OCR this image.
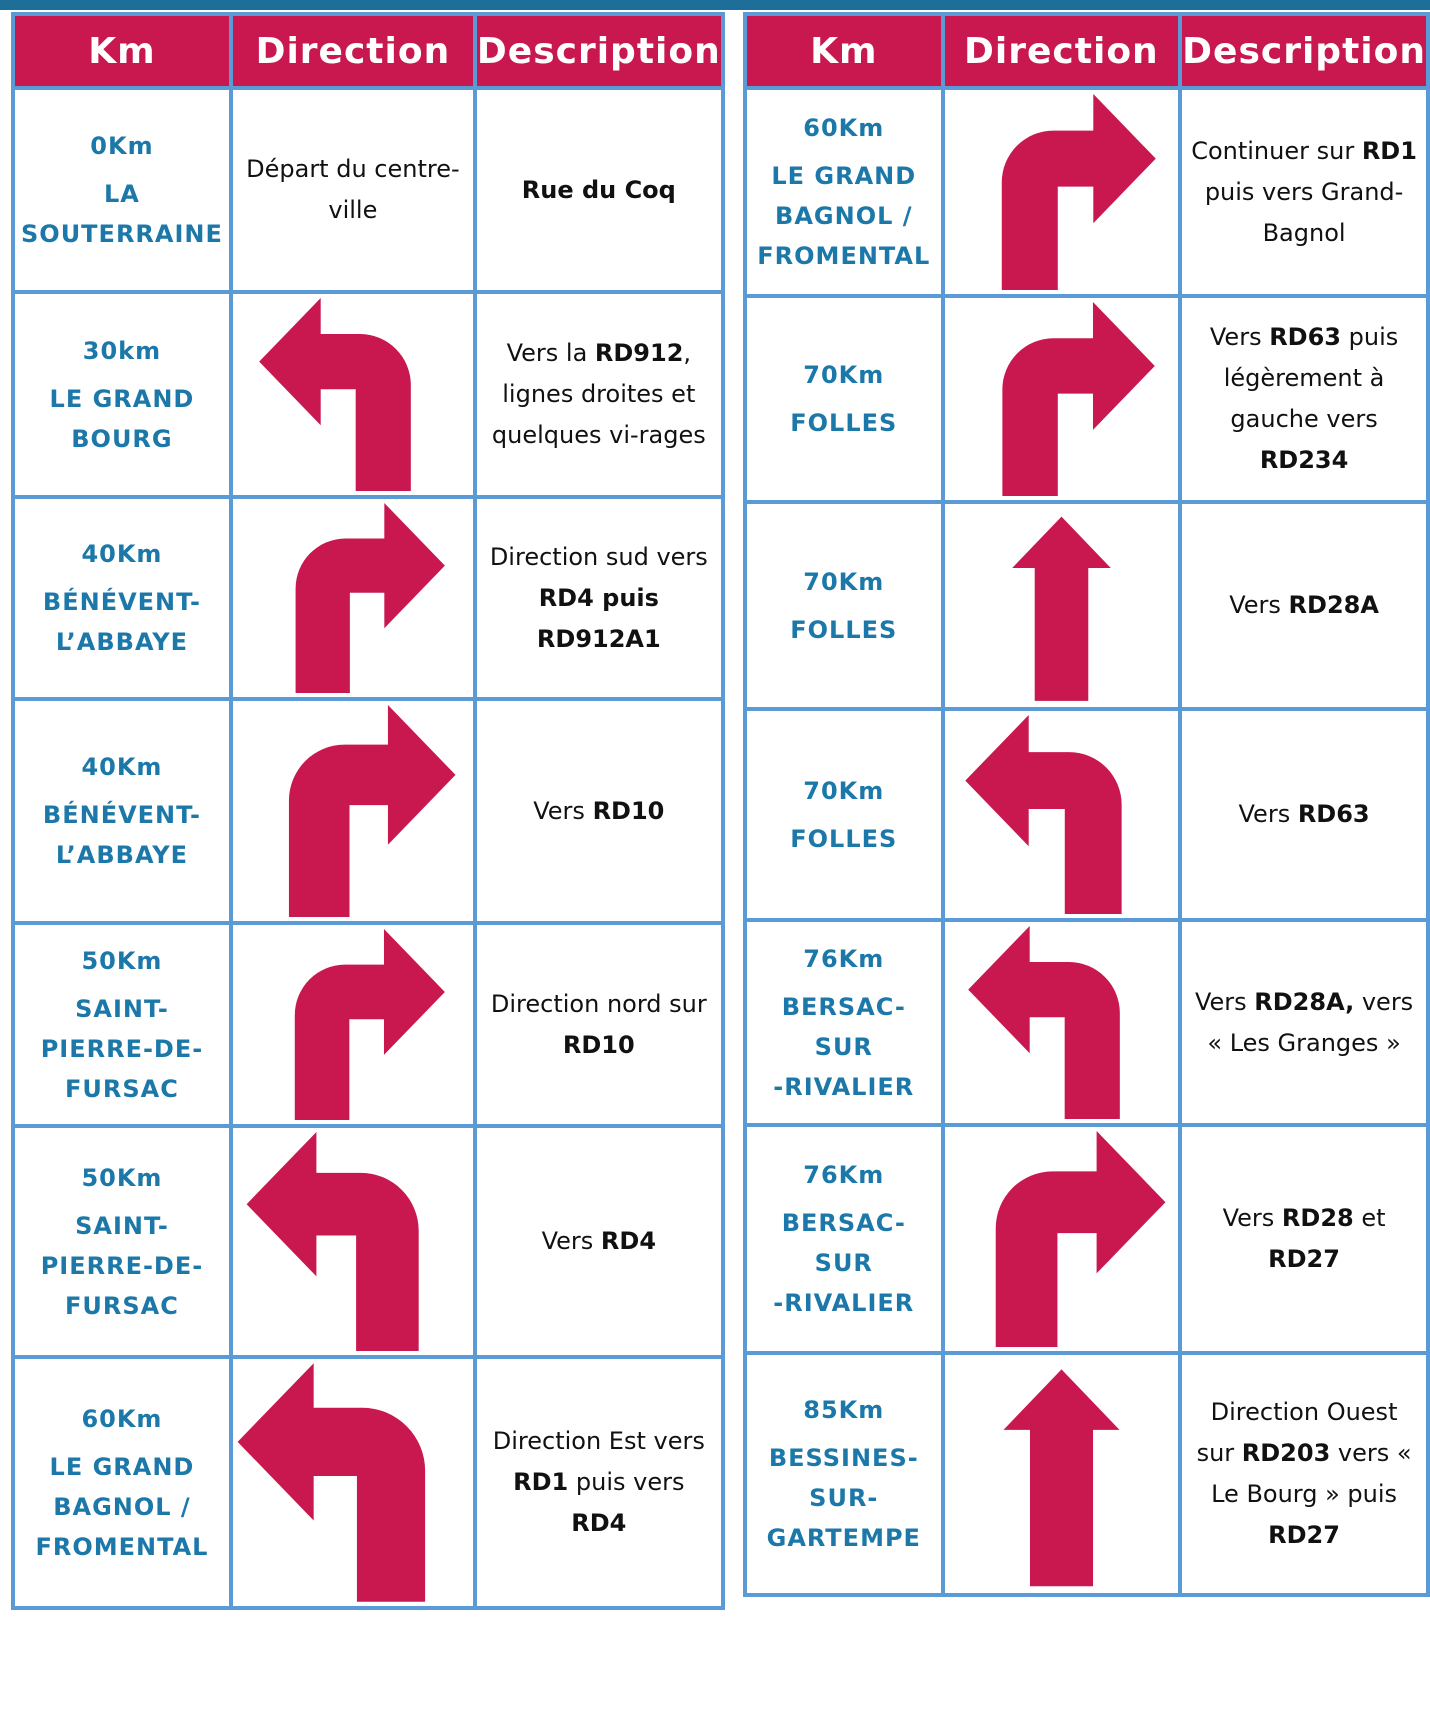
Km	Direction	Description

0Km
LA
SOUTERRAINE	Départ du centre-ville	Rue du Coq

30km
LE GRAND
BOURG		Vers la RD912, lignes droites et quelques vi-rages

40Km
BÉNÉVENT-
L’ABBAYE		Direction sud vers RD4 puis RD912A1

40Km
BÉNÉVENT-
L’ABBAYE		Vers RD10

50Km
SAINT-
PIERRE-DE-
FURSAC		Direction nord sur RD10

50Km
SAINT-
PIERRE-DE-
FURSAC		Vers RD4

60Km
LE GRAND
BAGNOL /
FROMENTAL		Direction Est vers RD1 puis vers RD4
Km	Direction	Description

60Km
LE GRAND
BAGNOL /
FROMENTAL		Continuer sur RD1 puis vers Grand-Bagnol

70Km
FOLLES		Vers RD63 puis légèrement à gauche vers RD234

70Km
FOLLES		Vers RD28A

70Km
FOLLES		Vers RD63

76Km
BERSAC-SUR
-RIVALIER		Vers RD28A, vers « Les Granges »

76Km
BERSAC-SUR
-RIVALIER		Vers RD28 et RD27

85Km
BESSINES-
SUR-
GARTEMPE		Direction Ouest sur RD203 vers « Le Bourg » puis RD27
